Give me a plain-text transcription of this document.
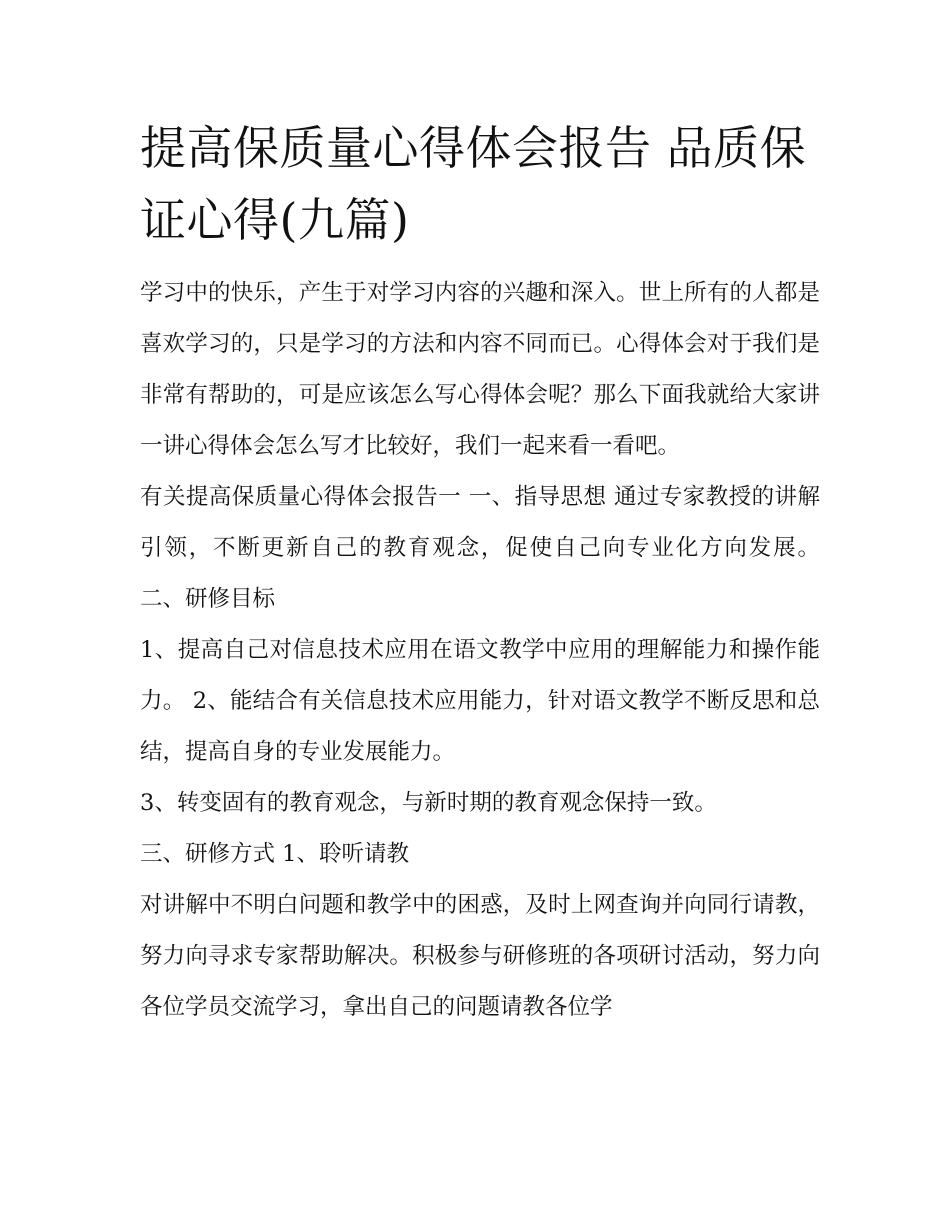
提高保质量心得体会报告 品质保证心得(九篇)

学习中的快乐，产生于对学习内容的兴趣和深入。世上所有的人都是喜欢学习的，只是学习的方法和内容不同而已。心得体会对于我们是非常有帮助的，可是应该怎么写心得体会呢？那么下面我就给大家讲一讲心得体会怎么写才比较好，我们一起来看一看吧。

有关提高保质量心得体会报告一 一、指导思想 通过专家教授的讲解引领，不断更新自己的教育观念，促使自己向专业化方向发展。 二、研修目标

1、提高自己对信息技术应用在语文教学中应用的理解能力和操作能力。 2、能结合有关信息技术应用能力，针对语文教学不断反思和总结，提高自身的专业发展能力。

3、转变固有的教育观念，与新时期的教育观念保持一致。

三、研修方式 1、聆听请教

对讲解中不明白问题和教学中的困惑，及时上网查询并向同行请教，努力向寻求专家帮助解决。积极参与研修班的各项研讨活动，努力向各位学员交流学习，拿出自己的问题请教各位学
